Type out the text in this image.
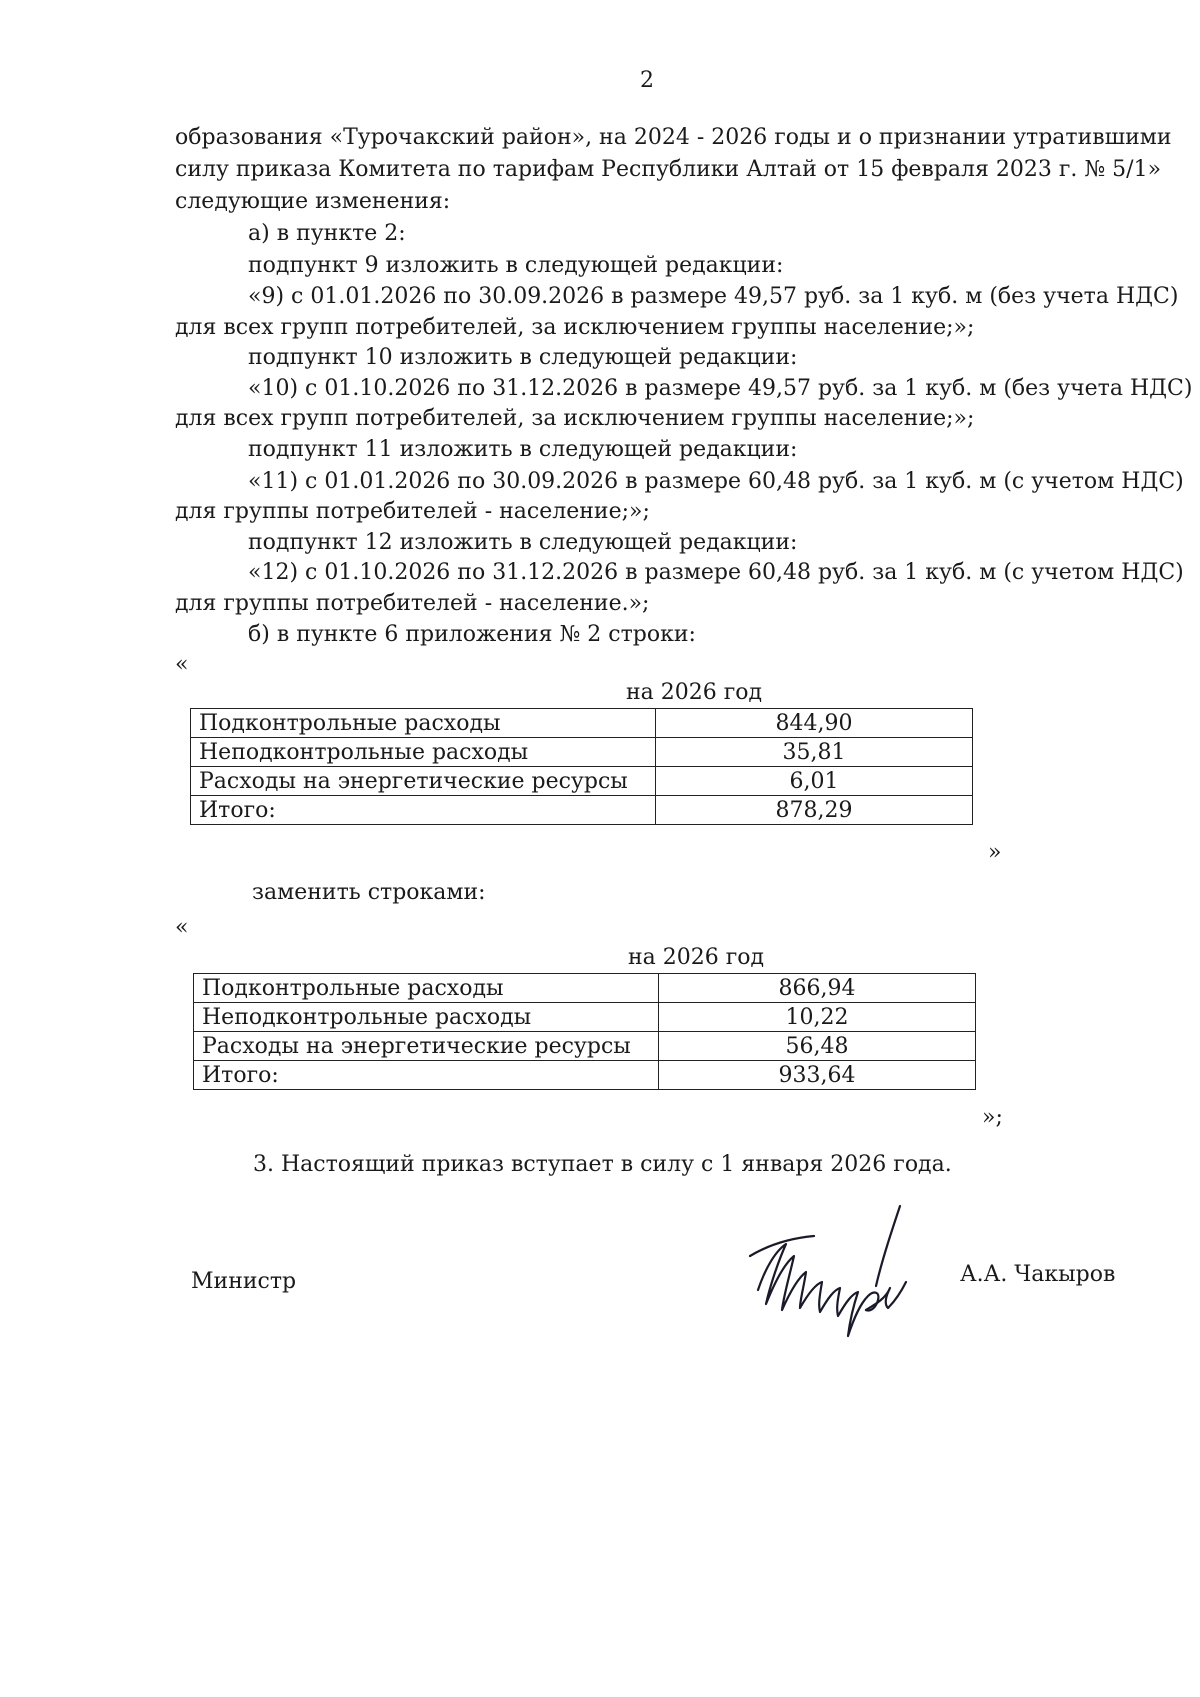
2
образования «Турочакский район», на 2024 - 2026 годы и о признании утратившими
силу приказа Комитета по тарифам Республики Алтай от 15 февраля 2023 г. № 5/1»
следующие изменения:
а) в пункте 2:
подпункт 9 изложить в следующей редакции:
«9) с 01.01.2026 по 30.09.2026 в размере 49,57 руб. за 1 куб. м (без учета НДС)
для всех групп потребителей, за исключением группы население;»;
подпункт 10 изложить в следующей редакции:
«10) с 01.10.2026 по 31.12.2026 в размере 49,57 руб. за 1 куб. м (без учета НДС)
для всех групп потребителей, за исключением группы население;»;
подпункт 11 изложить в следующей редакции:
«11) с 01.01.2026 по 30.09.2026 в размере 60,48 руб. за 1 куб. м (с учетом НДС)
для группы потребителей - население;»;
подпункт 12 изложить в следующей редакции:
«12) с 01.10.2026 по 31.12.2026 в размере 60,48 руб. за 1 куб. м (с учетом НДС)
для группы потребителей - население.»;
б) в пункте 6 приложения № 2 строки:
«
на 2026 год
Подконтрольные расходы	844,90
Неподконтрольные расходы	35,81
Расходы на энергетические ресурсы	6,01
Итого:	878,29
»
заменить строками:
«
на 2026 год
Подконтрольные расходы	866,94
Неподконтрольные расходы	10,22
Расходы на энергетические ресурсы	56,48
Итого:	933,64
»;
3. Настоящий приказ вступает в силу с 1 января 2026 года.
Министр	А.А. Чакыров
